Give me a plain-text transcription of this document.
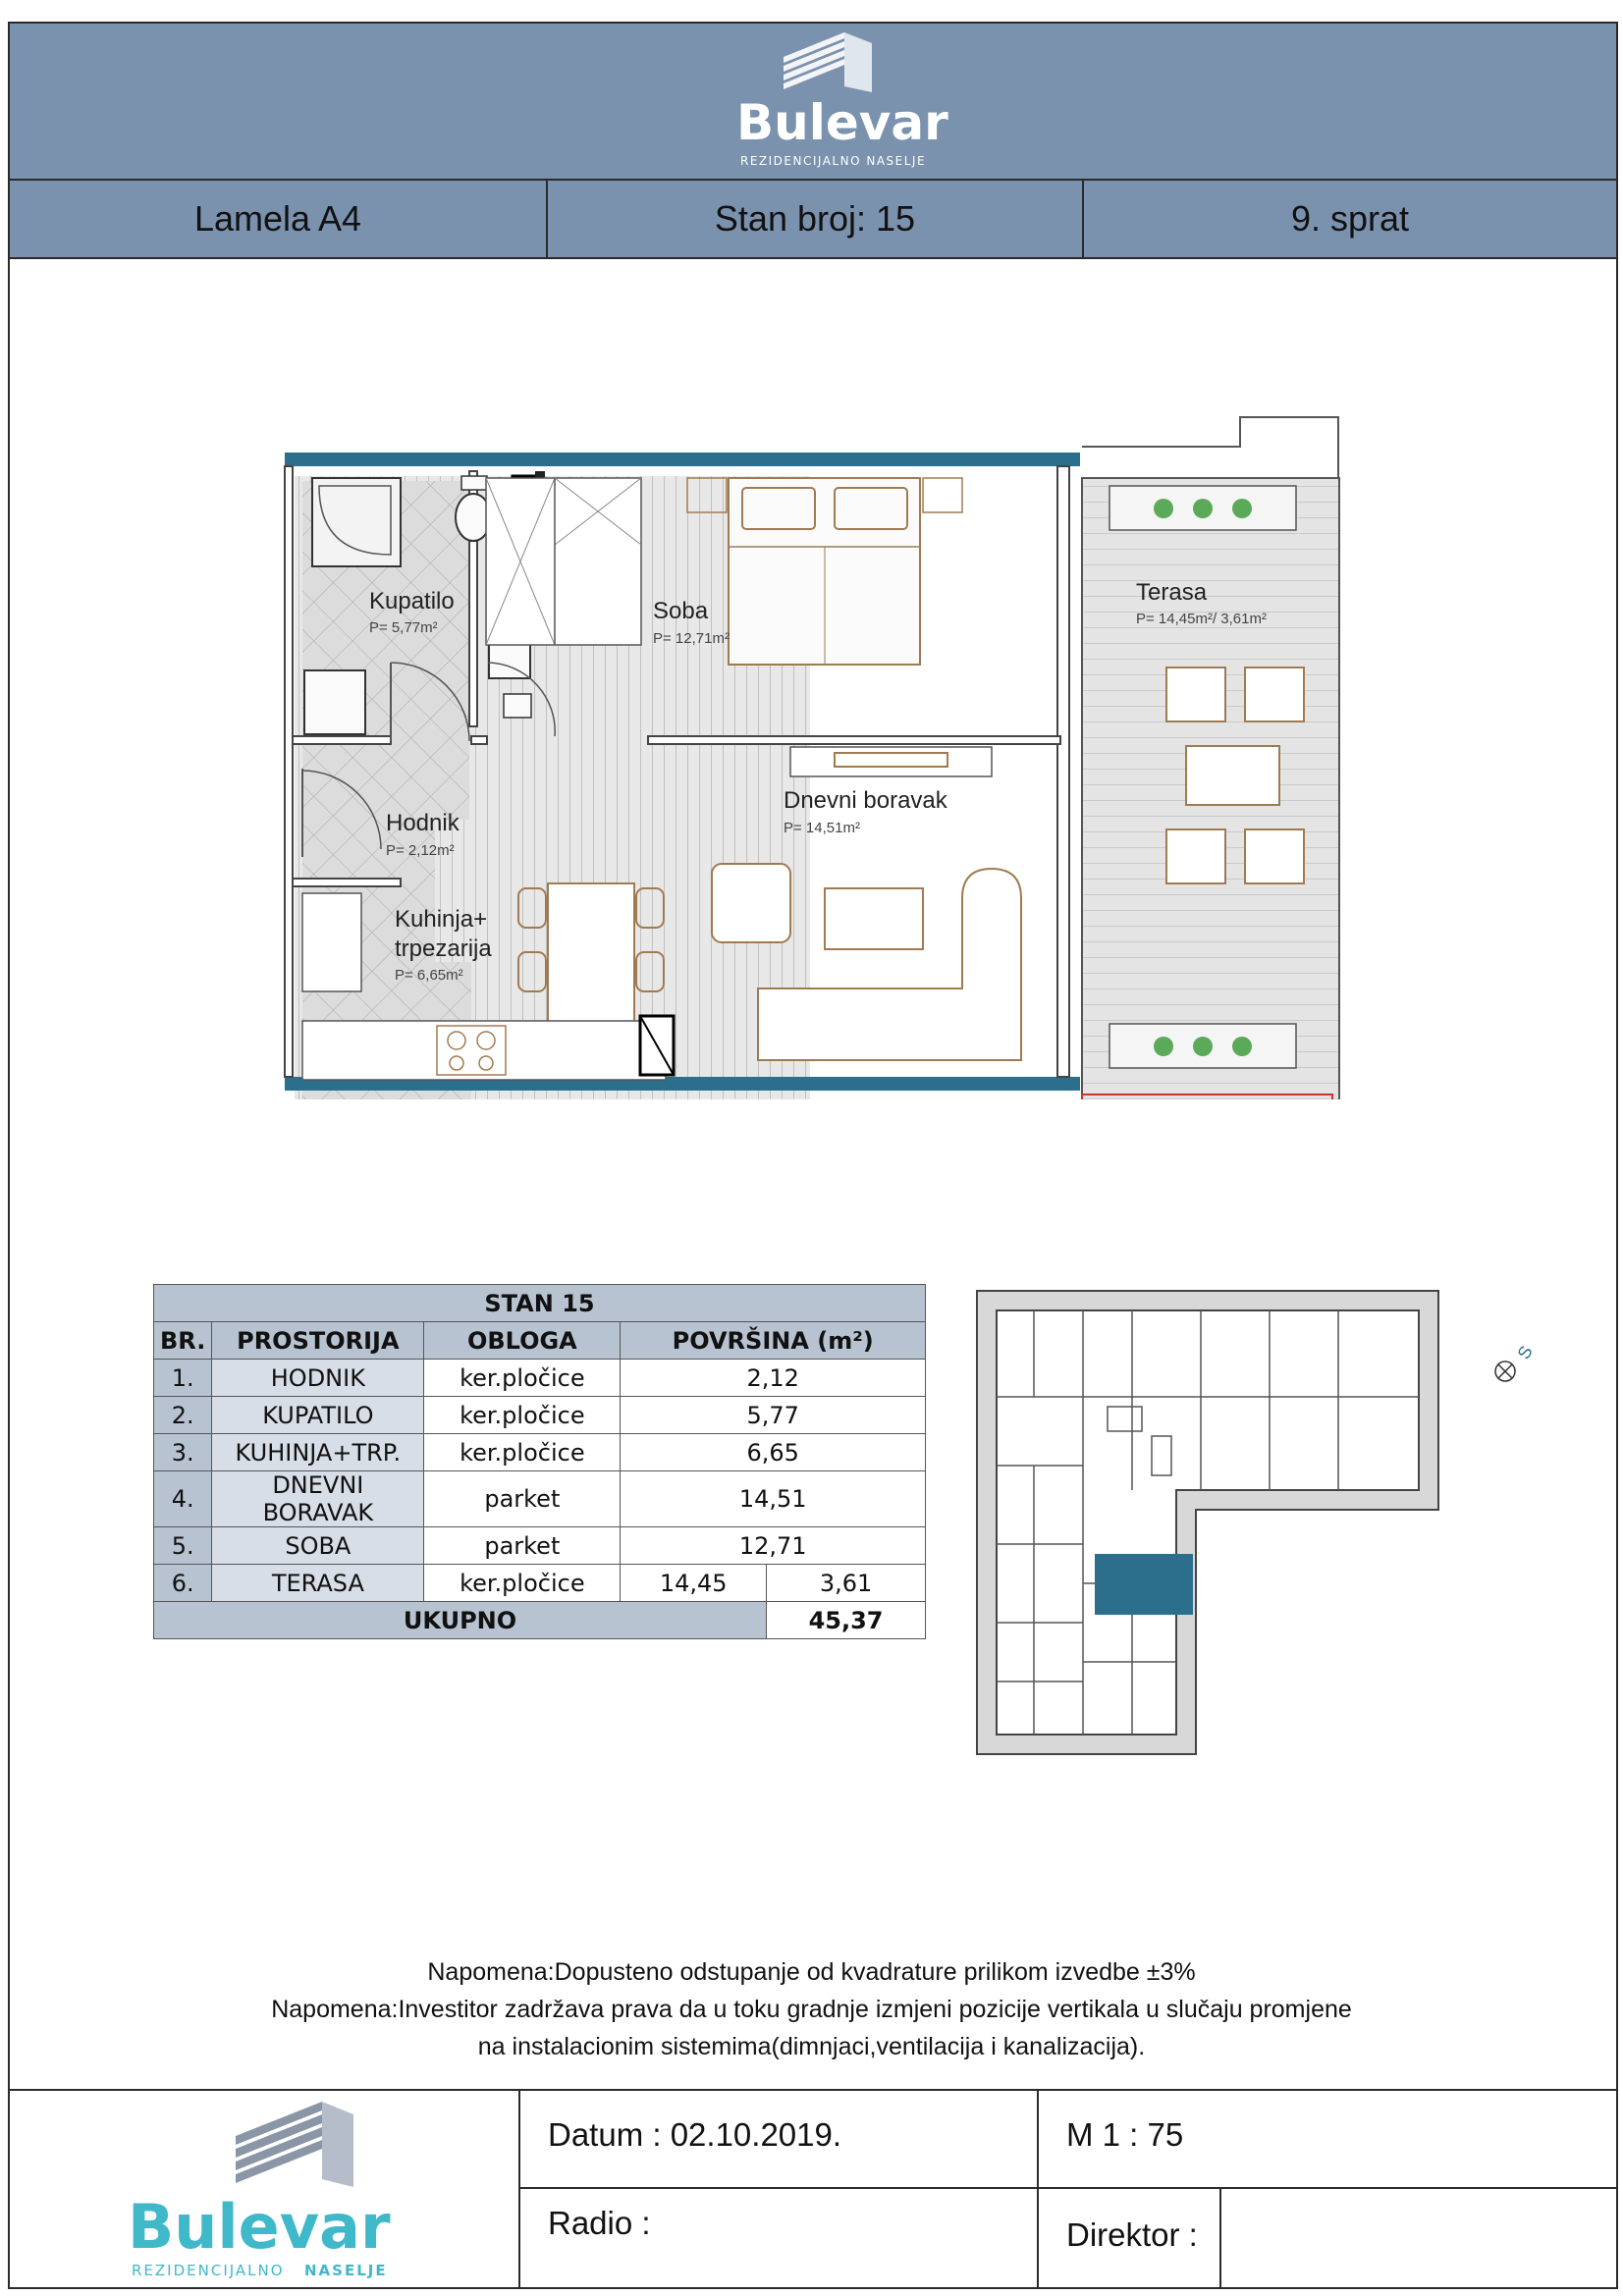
Bulevar
REZIDENCIJALNO NASELJE
Lamela A4	Stan broj: 15	9. sprat
Kupatilo
P= 5,77m²
Soba
P= 12,71m²
Terasa
P= 14,45m²/ 3,61m²
Dnevni boravak
P= 14,51m²
Hodnik
P= 2,12m²
Kuhinja+
trpezarija
P= 6,65m²
STAN 15				
BR.	PROSTORIJA	OBLOGA	POVRŠINA (m²)	
1.	HODNIK	ker.pločice	2,12	
2.	KUPATILO	ker.pločice	5,77	
3.	KUHINJA+TRP.	ker.pločice	6,65	
4.	DNEVNI BORAVAK	parket	14,51	
5.	SOBA	parket	12,71	
6.	TERASA	ker.pločice	14,45	3,61
UKUPNO				45,37
S
Napomena:Dopusteno odstupanje od kvadrature prilikom izvedbe ±3%
Napomena:Investitor zadržava prava da u toku gradnje izmjeni pozicije vertikala u slučaju promjene
na instalacionim sistemima(dimnjaci,ventilacija i kanalizacija).
Bulevar
REZIDENCIJALNO NASELJE
Datum : 02.10.2019.	M 1 : 75
Radio :	Direktor :
